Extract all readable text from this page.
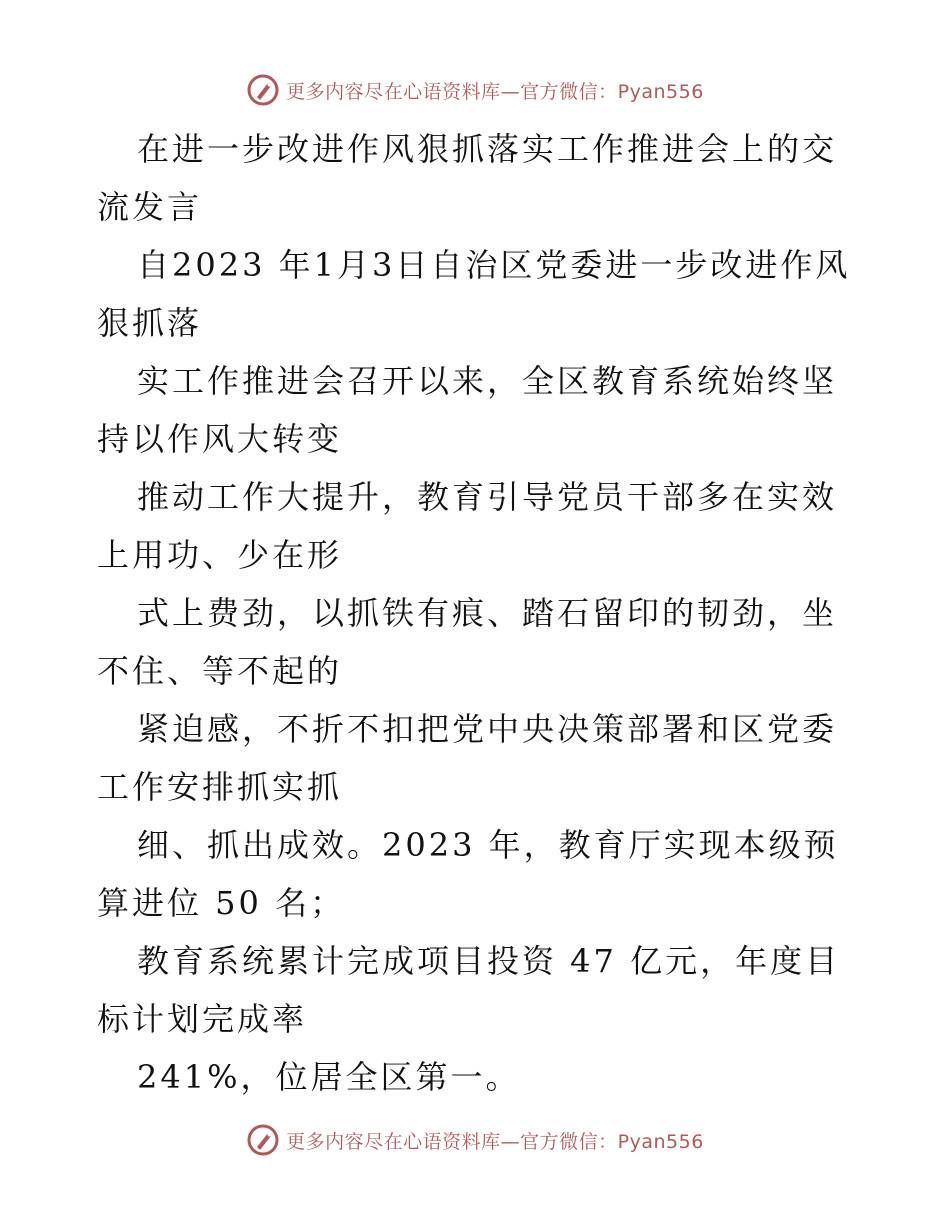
更多内容尽在心语资料库—官方微信：Pyan556

在进一步改进作风狠抓落实工作推进会上的交流发言

自2023 年1月3日自治区党委进一步改进作风狠抓落

实工作推进会召开以来，全区教育系统始终坚持以作风大转变

推动工作大提升，教育引导党员干部多在实效上用功、少在形

式上费劲，以抓铁有痕、踏石留印的韧劲，坐不住、等不起的

紧迫感，不折不扣把党中央决策部署和区党委工作安排抓实抓

细、抓出成效。2023 年，教育厅实现本级预算进位 50 名；

教育系统累计完成项目投资 47 亿元，年度目标计划完成率

241%，位居全区第一。

更多内容尽在心语资料库—官方微信：Pyan556
